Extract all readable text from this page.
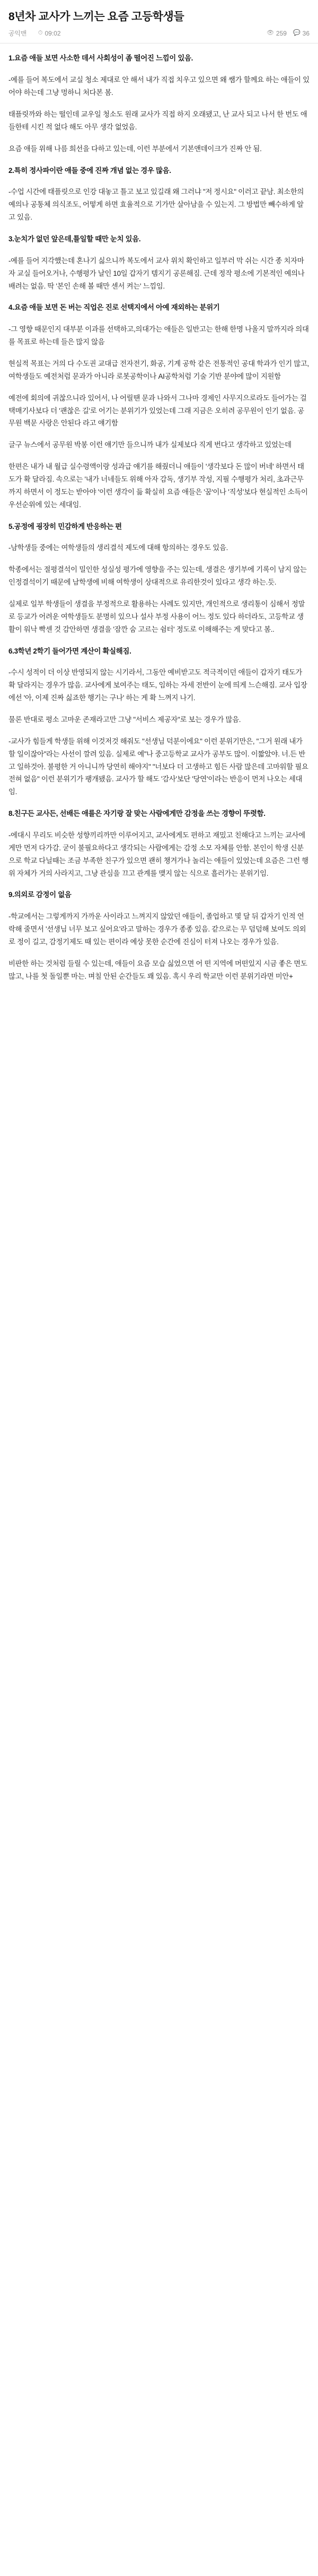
8년차 교사가 느끼는 요즘 고등학생들
공익맨 ⏱ 09:02	👁 259 💬 36

1.요즘 애들 보면 사소한 데서 사회성이 좀 떨어진 느낌이 있음.

-예를 들어 복도에서 교실 청소 제대로 안 해서 내가 직접 치우고 있으면 왜 쌤가 할께요 하는 애들이 있어야 하는데 그냥 멍하니 처다본 봄.

태플릿까와 하는 떨인데 교우일 청소도 원래 교사가 직접 하지 오래됐고, 난 교사 되고 나서 한 번도 애들한테 시킨 적 없다 해도 아무 생각 없었음.

요즘 애들 위해 나름 희선을 다하고 있는데, 이런 부분에서 기본앤데이크가 진짜 안 됨.

2.특히 정사파이란 애들 중에 진짜 개념 없는 경우 많음.

-수업 시간에 태플릿으로 인강 대놓고 틀고 보고 있길래 왜 그러냐 "저 정시요" 이러고 끝남. 최소한의 예의나 공통체 의식조도, 어떻게 하면 효율적으로 기가만 살아남을 수 있는지. 그 방법만 빼수하게 알고 있음.

3.눈치가 없던 앞은데,틀일할 때만 눈치 있음.

-예를 들어 지각했는데 혼나기 싫으니까 복도에서 교사 위치 확인하고 일부러 막 쉬는 시간 종 치자마자 교실 들어오거나, 수행평가 날인 10일 갑자기 템지기 공론해짐. 근데 정작 평소에 기본적인 예의나 배려는 없음. 딱 '본인 손해 볼 때만 센서 켜는' 느낌임.

4.요즘 애들 보면 돈 버는 직업은 진로 선택지에서 아예 재외하는 분위기

-그 영향 때문인지 대부분 이과를 선택하고,의대가는 애들은 일반고는 한해 한명 나올지 말까지라 의대를 목표로 하는데 들은 많지 않음

현실적 목표는 거의 다 수도권 교대급 전자전기, 화공, 기계 공학 같은 전통적인 공대 학과가 인기 많고, 여학생들도 예전처럼 문과가 아니라 로봇공학이나 AI공학처럼 기술 기반 분야에 많이 지원함

예전에 회의에 귀찮으니라 있어서, 나 어릴땐 문과 나와서 그나마 경제인 사무지으로라도 들어가는 걸 택매기사보다 더 '괜찮은 길'로 어기는 분위기가 있었는데 그래 지금은 오히려 공무원이 인기 없음. 공무원 백문 사랑은 안된다 라고 얘기함

글구 뉴스에서 공무원 박봉 이런 얘기만 들으니까 내가 실제보다 직게 번다고 생각하고 있었는데

한편은 내가 내 월급 실수령액이랑 성과급 얘기를 해줬더니 애들이 '생각보다 돈 많이 버네' 하면서 태도가 확 달라짐. 속으로는 '내가 너네들도 위해 아자 감독, 생기부 작성, 지필 수행평가 처리, 초과근무까지 하면서 이 정도는 받아야 '이런 생각이 듦 확실히 요즘 애들은 '꿈'이나 '직성'보다 현실적인 소득이 우선순위에 있는 세대임.

5.공정에 굉장히 민감하게 반응하는 편

-남학생들 중에는 여학생들의 생리결석 제도에 대해 항의하는 경우도 있음.

학종에서는 절평결석이 밀인한 성실성 평가에 영향을 주는 있는데, 생결은 생기부에 기록이 남지 않는 인정결석이기 때문에 남학생에 비해 여학생이 상대적으로 유리한것이 있다고 생각 하는.듯.

실제로 일부 학생들이 생결을 부정적으로 활용하는 사례도 있지만, 개인적으로 생리통이 심해서 정말로 등교가 어려운 여학생들도 분명히 있으나 설사 부정 사용이 어느 정도 있다 하더라도, 고등학교 생활이 워낙 빡센 것 감안하면 생결을 '잠깐 숨 고르는 쉼터' 정도로 이해해주는 게 맞다고 봄..

6.3학년 2학기 들어가면 계산이 확실해짐.

-수시 성적이 더 이상 반영되지 않는 시기라서, 그동안 예비받고도 적극적이던 애들이 갑자기 태도가 확 달라지는 경우가 많음. 교사에게 보여주는 태도, 임하는 자세 전반이 눈에 띄게 느슨해짐. 교사 입장에선 '아, 이제 진짜 싫죠한 행기는 구나' 하는 게 확 느껴지 나기.

물론 반대로 평소 고마운 존재라고만 그냥 "서비스 제공자"로 보는 경우가 많음.

-교사가 힘들게 학생들 위해 이것저것 해줘도 "선생님 덕분이에요" 이런 분위기만은, "그거 원래 내가 할 일이잖아"라는 사선이 깔려 있음. 실제로 예"나 중고등학교 교사가 공부도 많이. 이짧았야. 너.든 반고 일하것아. 불평한 거 아니니까 당연히 해야지" "너보다 더 고생하고 힘든 사람 많은데 고마워할 필요 전혀 없음" 이런 분위기가 팽개됐음. 교사가 할 해도 '감사'보단 '당연'이라는 반응이 먼저 나오는 세대임.

8.친구든 교사든, 선배든 애를은 자기랑 잘 맞는 사람에게만 감정을 쓰는 경향이 뚜렷함.

-에대시 무리도 비슷한 성향끼리까만 이루어지고, 교사에게도 편하고 재밌고 친해다고 느끼는 교사에게만 먼저 다가감. 굳이 불필요하다고 생각되는 사람에게는 감정 소모 자체를 안함. 본인이 학생 신분으로 학교 다닐때는 조금 부족한 친구가 있으면 괜히 챙겨가나 놀리는 애들이 있었는데 요즘은 그런 행위 자체가 거의 사라지고, 그냥 관심을 끄고 관계를 맺지 않는 식으로 흘러가는 분위기임.

9.의외로 감정이 없음

-학교에서는 그렇게까지 가까운 사이라고 느껴지지 않았던 애들이, 졸업하고 몇 달 뒤 갑자기 인적 연락해 줄면서 '선생님 너무 보고 싶어요'라고 말하는 경우가 종종 있음. 같으로는 무 덤덤해 보여도 의외로 정이 길고, 감정기제도 때 있는 편이라 예상 못한 순간에 진심이 터져 나오는 경우가 있음.

비판한 하는 것처럼 들릴 수 있는데, 애들이 요즘 모습 싫었으면 어 떤 지역에 머떤있지 시금 좋은 면도 많고, 나를 첫 돌일뿐 마는. 며칠 안된 순간들도 꽤 있음. 혹시 우리 학교만 이런 분위기라면 미안+
